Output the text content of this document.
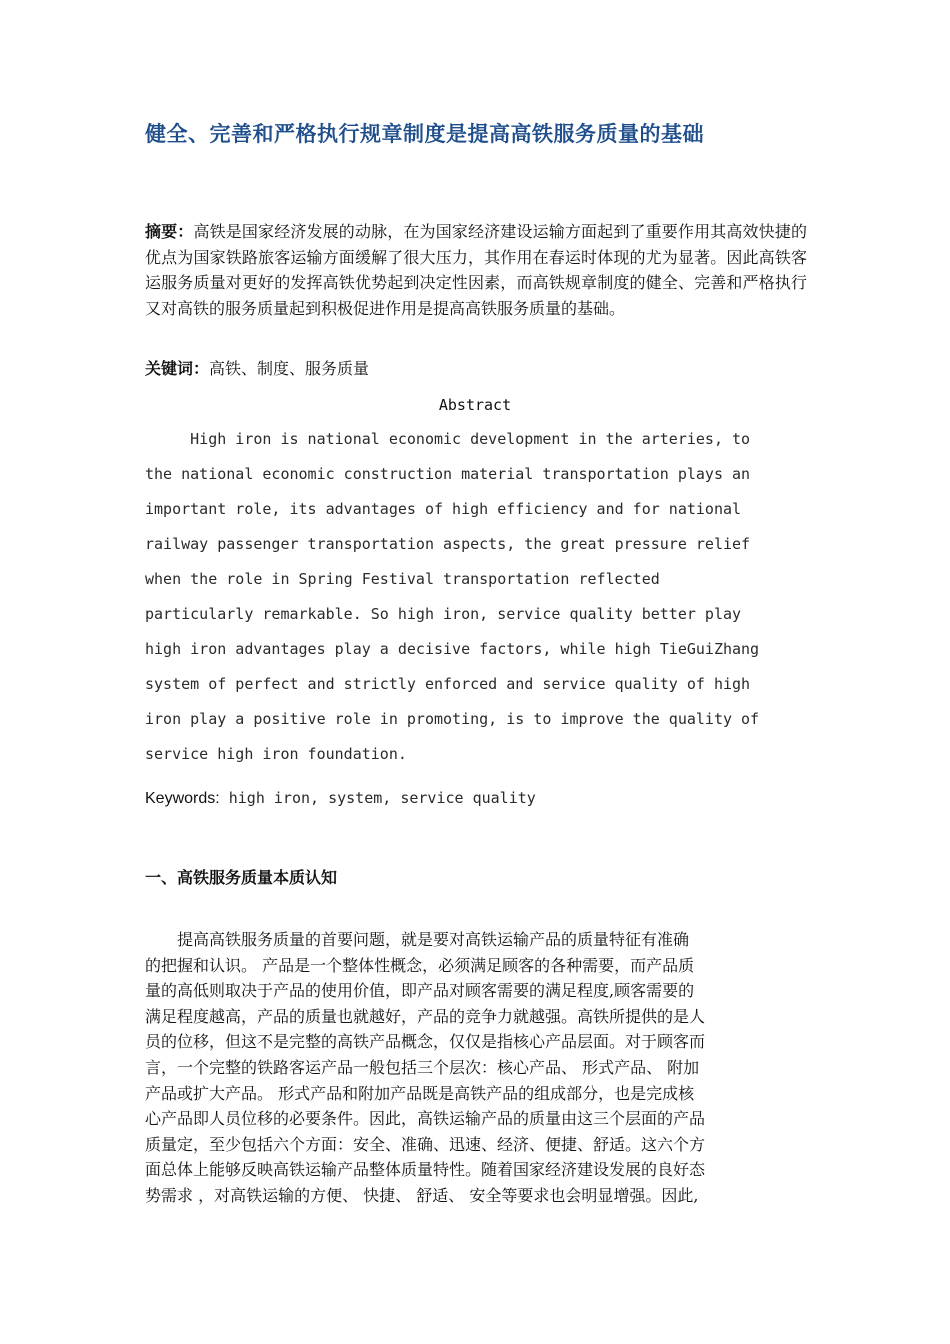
健全、完善和严格执行规章制度是提高高铁服务质量的基础
摘要：高铁是国家经济发展的动脉，在为国家经济建设运输方面起到了重要作用其高效快捷的优点为国家铁路旅客运输方面缓解了很大压力，其作用在春运时体现的尤为显著。因此高铁客运服务质量对更好的发挥高铁优势起到决定性因素，而高铁规章制度的健全、完善和严格执行又对高铁的服务质量起到积极促进作用是提高高铁服务质量的基础。
关键词：高铁、制度、服务质量
Abstract
High iron is national economic development in the arteries, to
the national economic construction material transportation plays an
important role, its advantages of high efficiency and for national
railway passenger transportation aspects, the great pressure relief
when the role in Spring Festival transportation reflected
particularly remarkable. So high iron, service quality better play
high iron advantages play a decisive factors, while high TieGuiZhang
system of perfect and strictly enforced and service quality of high
iron play a positive role in promoting, is to improve the quality of
service high iron foundation.
Keywords: high iron, system, service quality
一、高铁服务质量本质认知
　　提高高铁服务质量的首要问题，就是要对高铁运输产品的质量特征有准确
的把握和认识。 产品是一个整体性概念，必须满足顾客的各种需要，而产品质
量的高低则取决于产品的使用价值，即产品对顾客需要的满足程度,顾客需要的
满足程度越高，产品的质量也就越好，产品的竞争力就越强。高铁所提供的是人
员的位移，但这不是完整的高铁产品概念，仅仅是指核心产品层面。对于顾客而
言，一个完整的铁路客运产品一般包括三个层次：核心产品、 形式产品、 附加
产品或扩大产品。 形式产品和附加产品既是高铁产品的组成部分，也是完成核
心产品即人员位移的必要条件。因此，高铁运输产品的质量由这三个层面的产品
质量定，至少包括六个方面：安全、准确、迅速、经济、便捷、舒适。这六个方
面总体上能够反映高铁运输产品整体质量特性。随着国家经济建设发展的良好态
势需求 ，对高铁运输的方便、 快捷、 舒适、 安全等要求也会明显增强。因此,
